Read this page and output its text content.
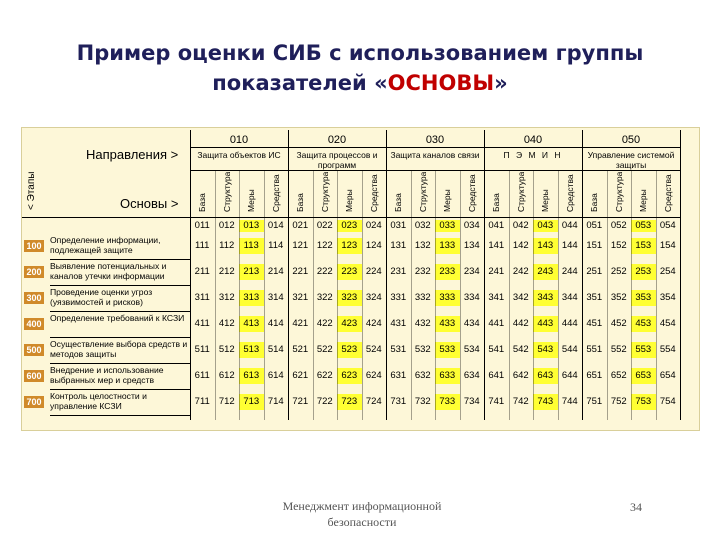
Пример оценки СИБ с использованием группы
показателей «ОСНОВЫ»
< Этапы
Направления >
Основы >
010
Защита объектов ИС
База Структура Меры Средства
020
Защита процессов и программ
База Структура Меры Средства
030
Защита каналов связи
База Структура Меры Средства
040
П Э М И Н
База Структура Меры Средства
050
Управление системой защиты
База Структура Меры Средства
011 012 013 014 021 022 023 024 031 032 033 034 041 042 043 044 051 052 053 054
100
Определение информации, подлежащей защите	111	112 113 114 121 122 123 124 131 132 133 134 141 142 143 144 151 152 153 154
200
Выявление потенциальных и каналов утечки информации	211 212 213 214 221 222 223 224 231 232 233 234 241 242 243 244 251 252 253 254
300
Проведение оценки угроз (уязвимостей и рисков)	311 312 313 314 321 322 323 324 331 332 333 334 341 342 343 344 351 352 353 354
400
Определение требований к КСЗИ	411 412 413 414 421 422 423 424 431 432 433 434 441 442 443 444 451 452 453 454
500
Осуществление выбора средств и методов защиты	511 512 513 514 521 522 523 524 531 532 533 534 541 542 543 544 551 552 553 554
600
Внедрение и использование выбранных мер и средств	611 612 613 614 621 622 623 624 631 632 633 634 641 642 643 644 651 652 653 654
700
Контроль целостности и управление КСЗИ	711 712 713 714 721 722 723 724 731 732 733 734 741 742 743 744 751 752 753 754
Менеджмент информационной безопасности
34
